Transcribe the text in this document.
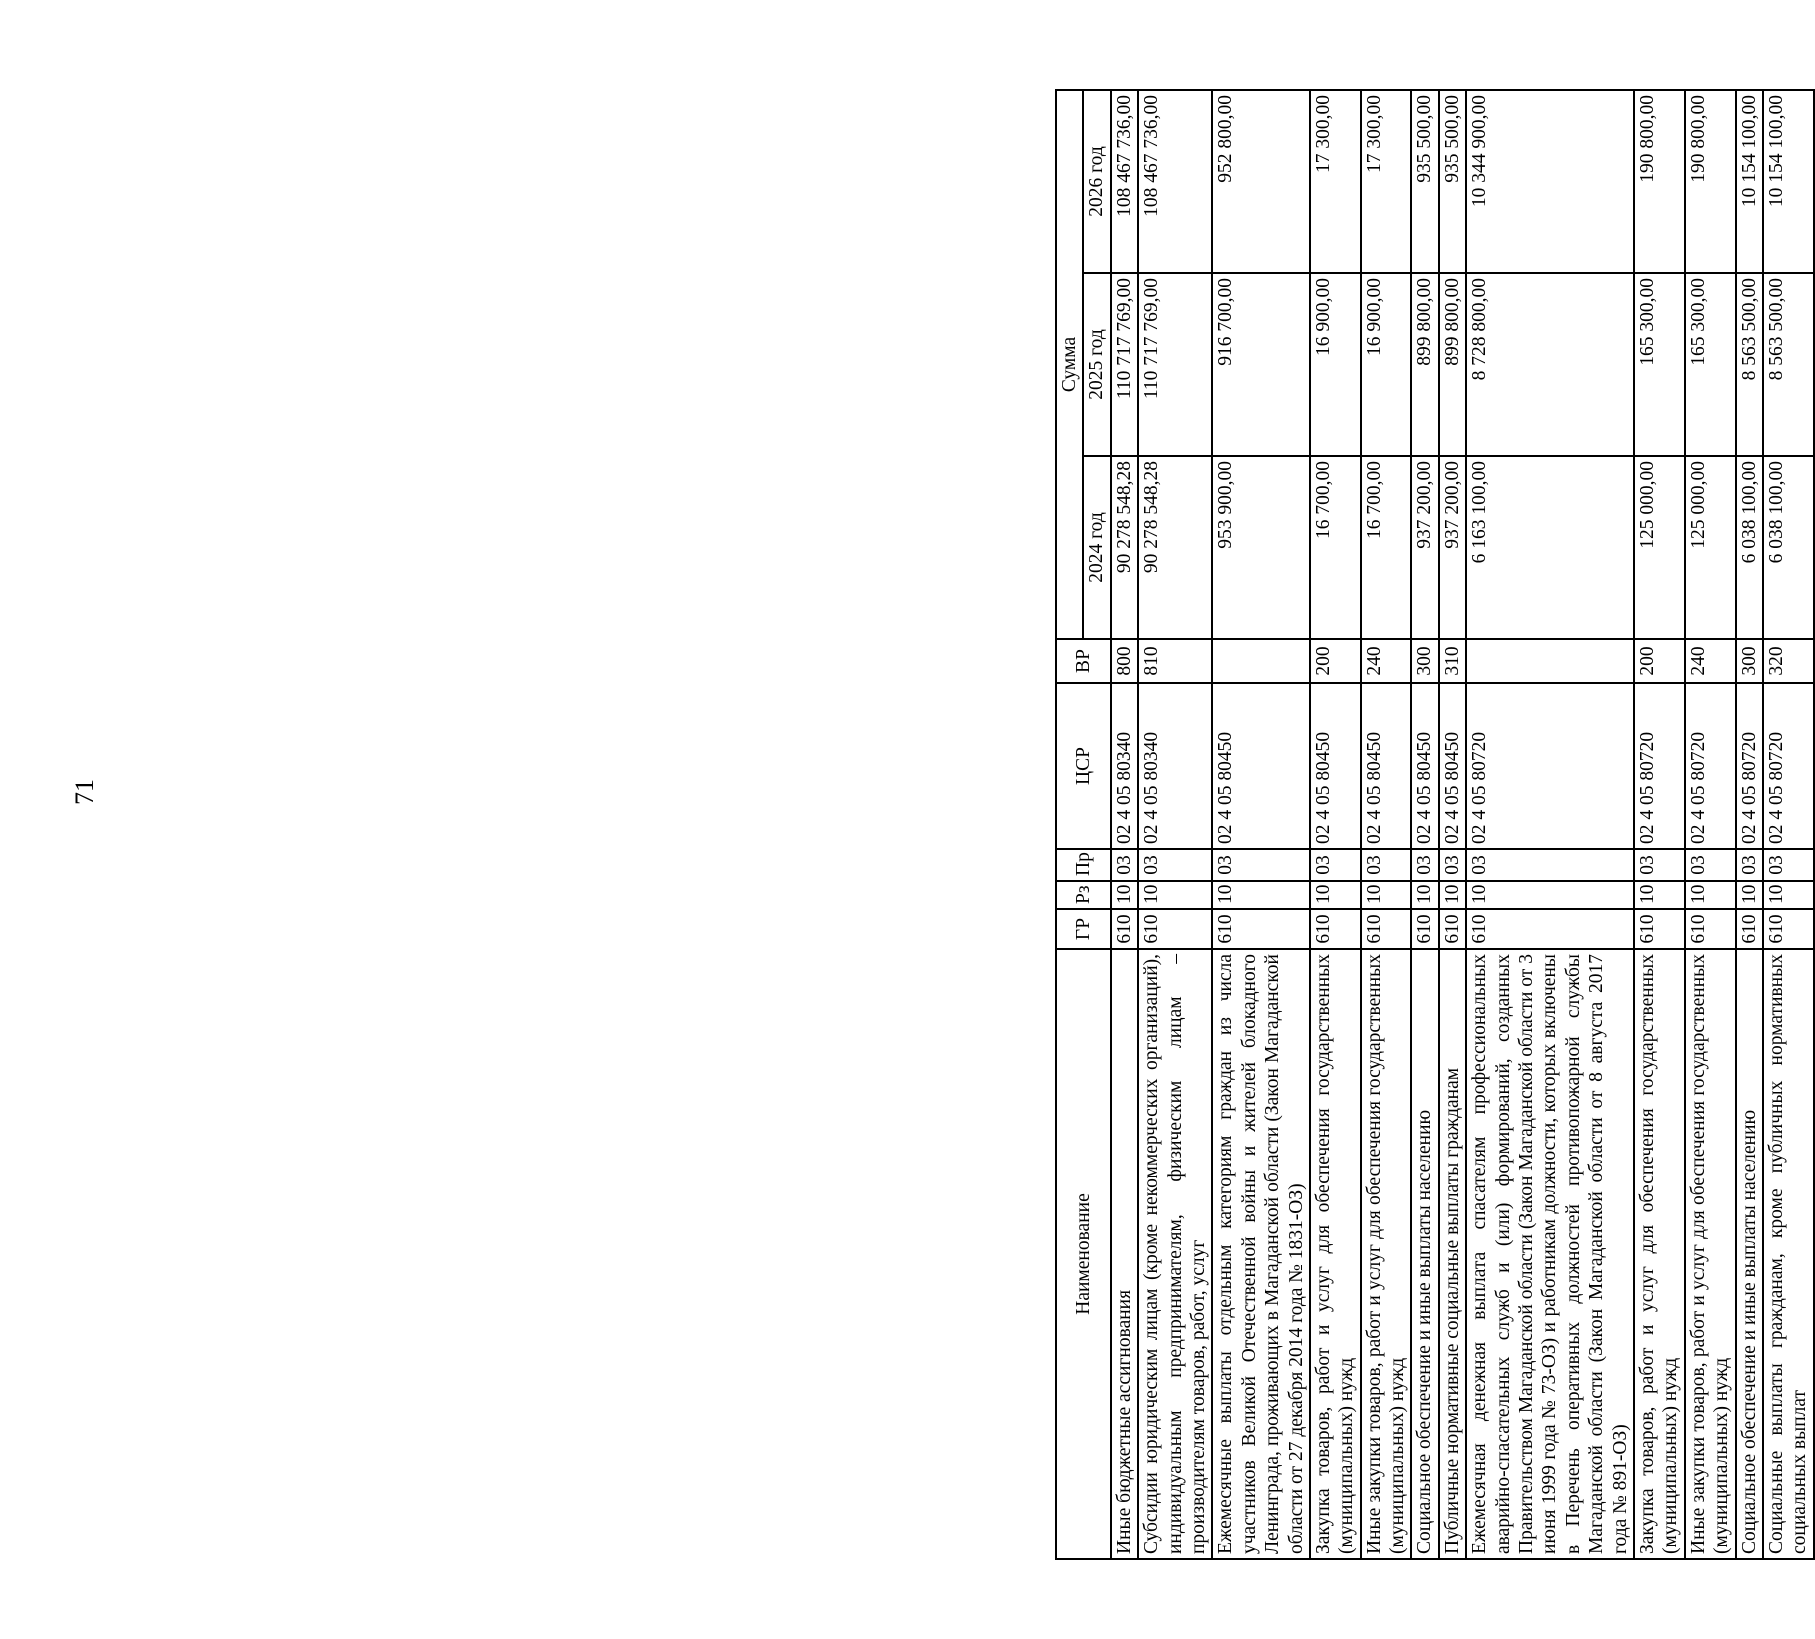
71
Наименование	ГР	Рз	Пр	ЦСР	ВР	Сумма		
						2024 год	2025 год	2026 год
Иные бюджетные ассигнования	610	10	03	02 4 05 80340	800	90 278 548,28	110 717 769,00	108 467 736,00
Субсидии юридическим лицам (кроме некоммерческих организаций), индивидуальным предпринимателям, физическим лицам – производителям товаров, работ, услуг	610	10	03	02 4 05 80340	810	90 278 548,28	110 717 769,00	108 467 736,00
Ежемесячные выплаты отдельным категориям граждан из числа участников Великой Отечественной войны и жителей блокадного Ленинграда, проживающих в Магаданской области (Закон Магаданской области от 27 декабря 2014 года № 1831-ОЗ)	610	10	03	02 4 05 80450		953 900,00	916 700,00	952 800,00
Закупка товаров, работ и услуг для обеспечения государственных (муниципальных) нужд	610	10	03	02 4 05 80450	200	16 700,00	16 900,00	17 300,00
Иные закупки товаров, работ и услуг для обеспечения государственных (муниципальных) нужд	610	10	03	02 4 05 80450	240	16 700,00	16 900,00	17 300,00
Социальное обеспечение и иные выплаты населению	610	10	03	02 4 05 80450	300	937 200,00	899 800,00	935 500,00
Публичные нормативные социальные выплаты гражданам	610	10	03	02 4 05 80450	310	937 200,00	899 800,00	935 500,00
Ежемесячная денежная выплата спасателям профессиональных аварийно-спасательных служб и (или) формирований, созданных Правительством Магаданской области (Закон Магаданской области от 3 июня 1999 года № 73-ОЗ) и работникам должности, которых включены в Перечень оперативных должностей противопожарной службы Магаданской области (Закон Магаданской области от 8 августа 2017 года № 891-ОЗ)	610	10	03	02 4 05 80720		6 163 100,00	8 728 800,00	10 344 900,00
Закупка товаров, работ и услуг для обеспечения государственных (муниципальных) нужд	610	10	03	02 4 05 80720	200	125 000,00	165 300,00	190 800,00
Иные закупки товаров, работ и услуг для обеспечения государственных (муниципальных) нужд	610	10	03	02 4 05 80720	240	125 000,00	165 300,00	190 800,00
Социальное обеспечение и иные выплаты населению	610	10	03	02 4 05 80720	300	6 038 100,00	8 563 500,00	10 154 100,00
Социальные выплаты гражданам, кроме публичных нормативных социальных выплат	610	10	03	02 4 05 80720	320	6 038 100,00	8 563 500,00	10 154 100,00
